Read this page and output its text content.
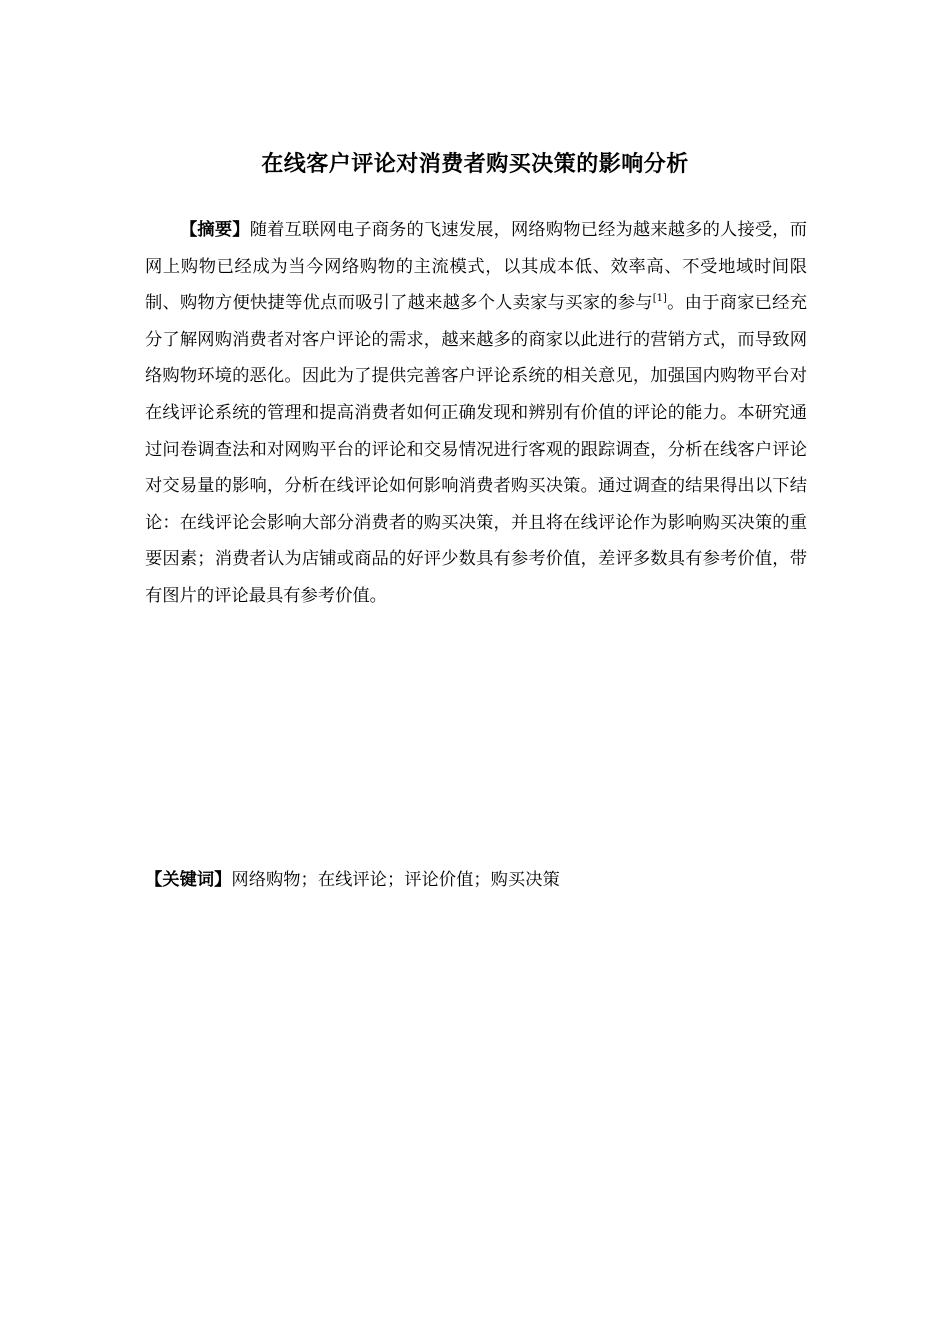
在线客户评论对消费者购买决策的影响分析

【摘要】随着互联网电子商务的飞速发展，网络购物已经为越来越多的人接受，而网上购物已经成为当今网络购物的主流模式，以其成本低、效率高、不受地域时间限制、购物方便快捷等优点而吸引了越来越多个人卖家与买家的参与[1]。由于商家已经充分了解网购消费者对客户评论的需求，越来越多的商家以此进行的营销方式，而导致网络购物环境的恶化。因此为了提供完善客户评论系统的相关意见，加强国内购物平台对在线评论系统的管理和提高消费者如何正确发现和辨别有价值的评论的能力。本研究通过问卷调查法和对网购平台的评论和交易情况进行客观的跟踪调查，分析在线客户评论对交易量的影响，分析在线评论如何影响消费者购买决策。通过调查的结果得出以下结论：在线评论会影响大部分消费者的购买决策，并且将在线评论作为影响购买决策的重要因素；消费者认为店铺或商品的好评少数具有参考价值，差评多数具有参考价值，带有图片的评论最具有参考价值。

【关键词】网络购物；在线评论；评论价值；购买决策
